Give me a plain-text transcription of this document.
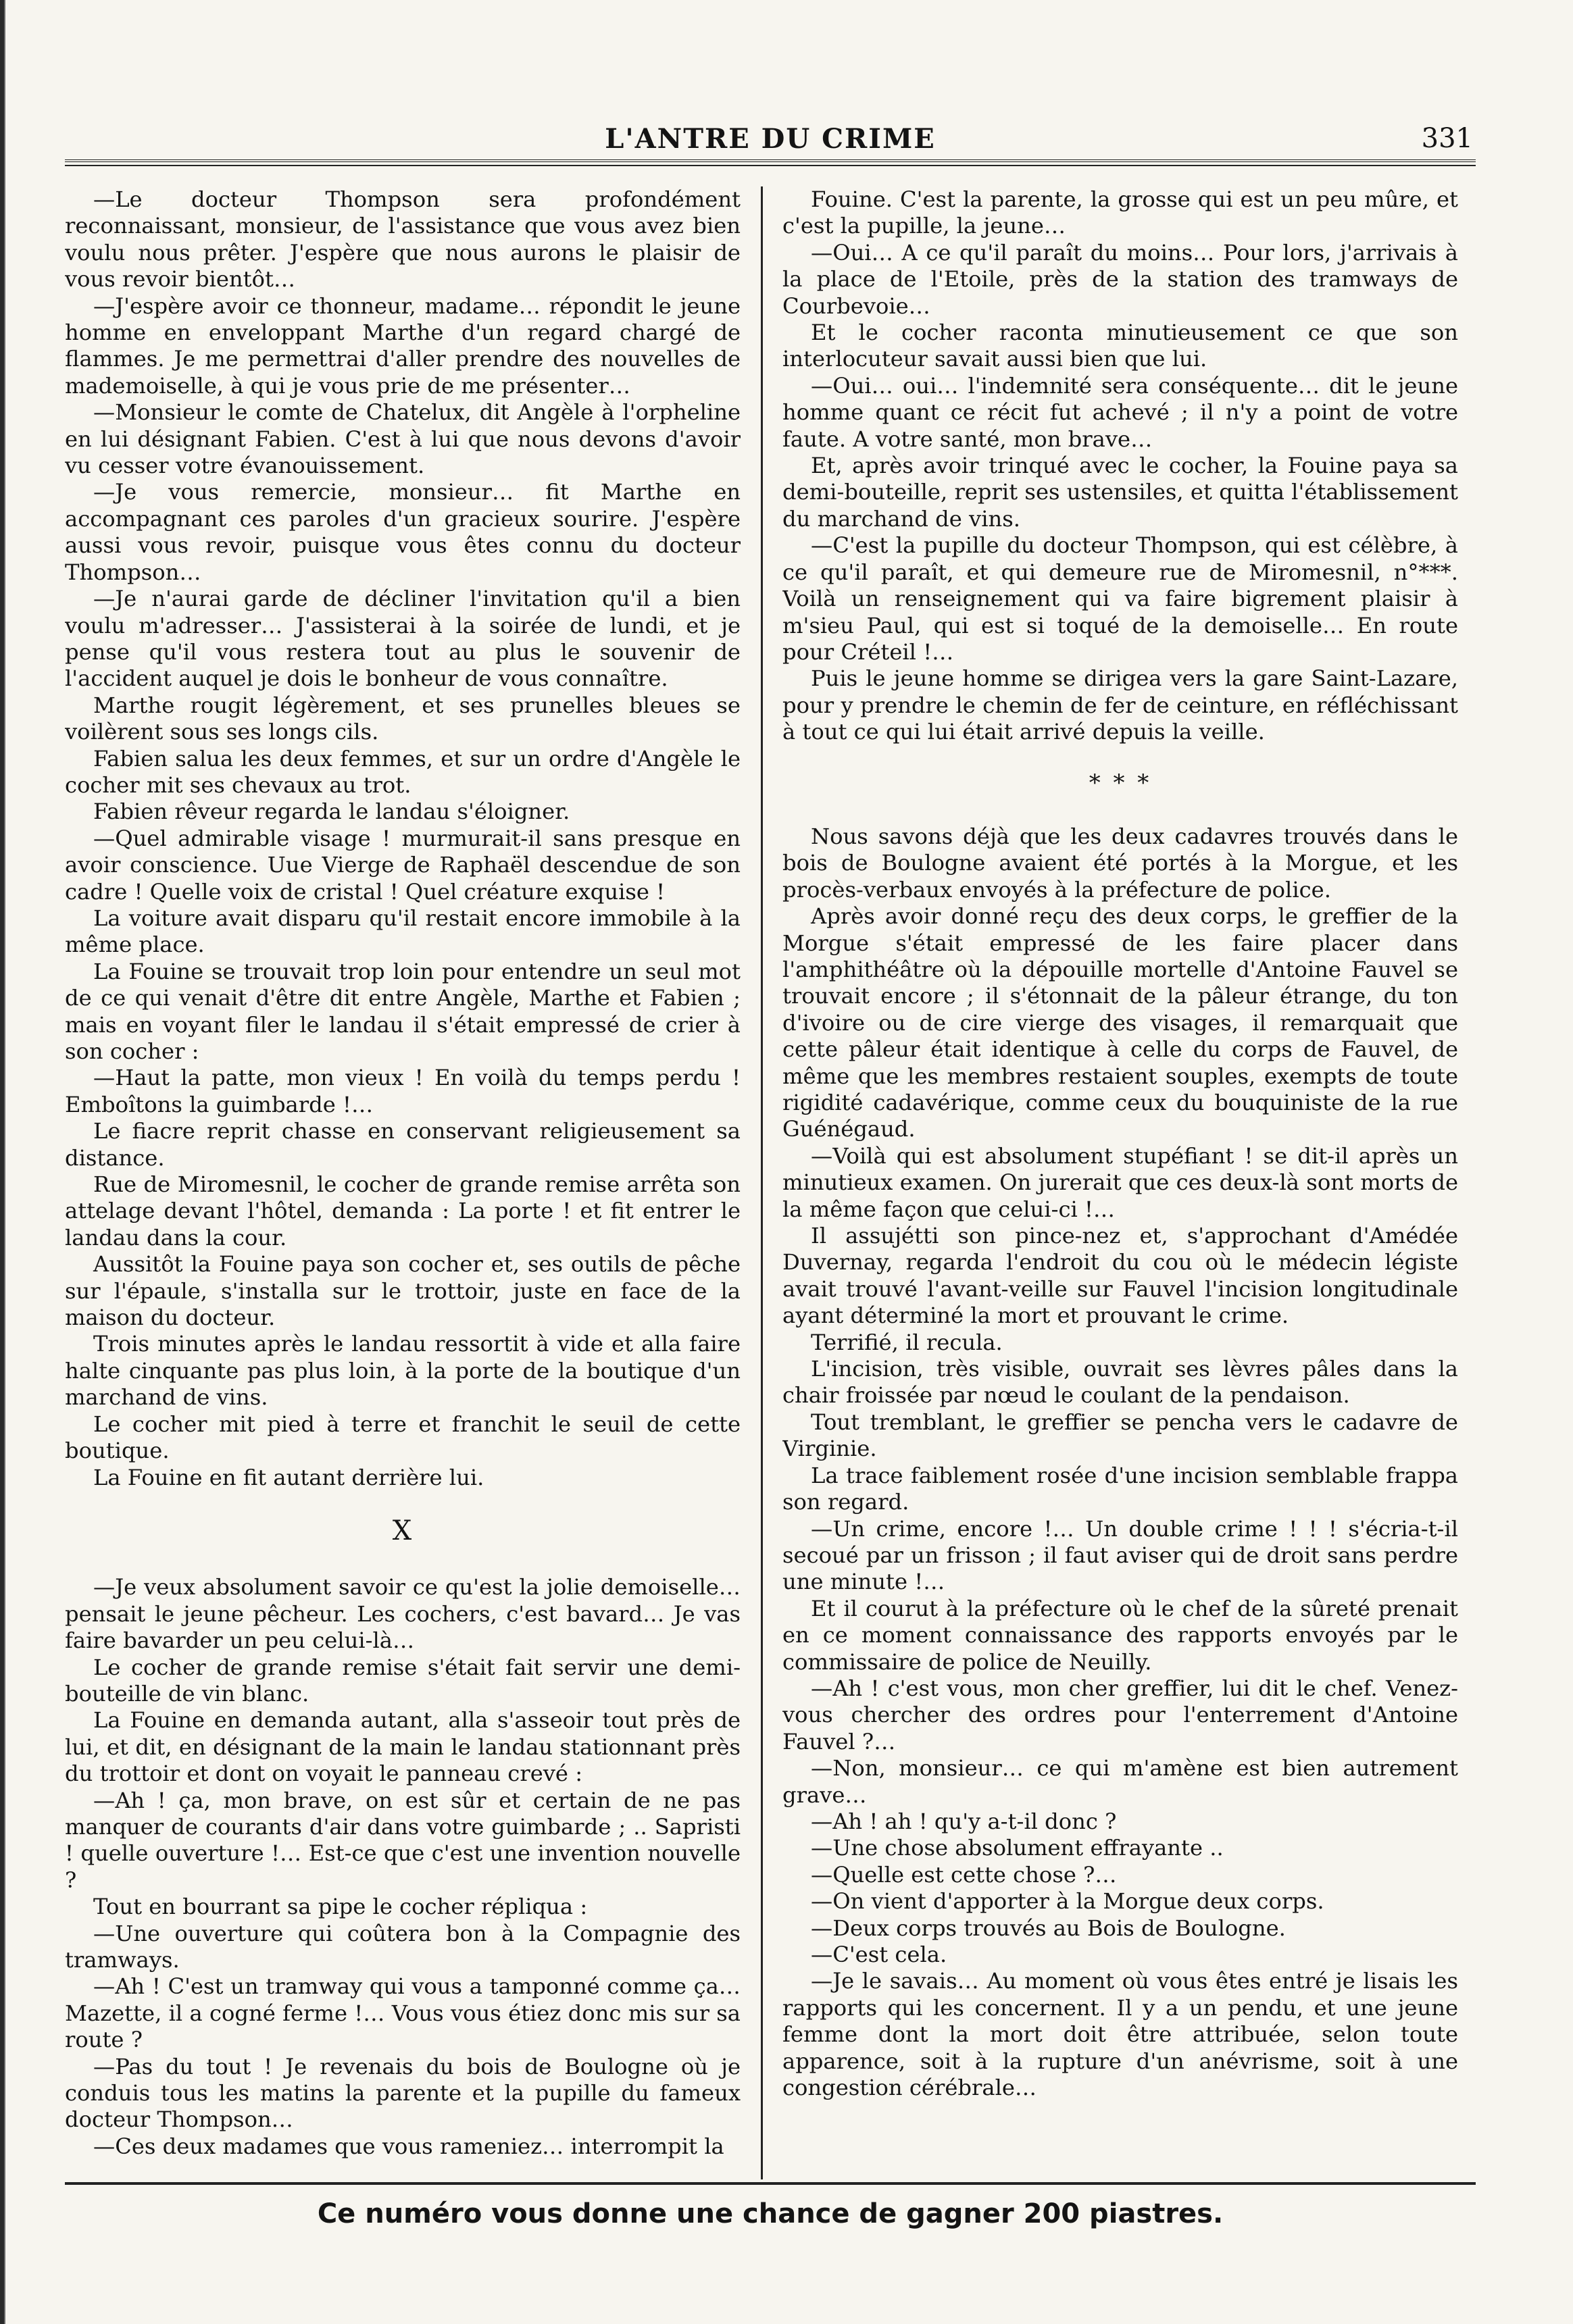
L'ANTRE DU CRIME	331

—Le docteur Thompson sera profondément reconnaissant, monsieur, de l'assistance que vous avez bien voulu nous prêter. J'espère que nous aurons le plaisir de vous revoir bientôt…

—J'espère avoir ce thonneur, madame… répondit le jeune homme en enveloppant Marthe d'un regard chargé de flammes. Je me permettrai d'aller prendre des nouvelles de mademoiselle, à qui je vous prie de me présenter…

—Monsieur le comte de Chatelux, dit Angèle à l'orpheline en lui désignant Fabien. C'est à lui que nous devons d'avoir vu cesser votre évanouissement.

—Je vous remercie, monsieur… fit Marthe en accompagnant ces paroles d'un gracieux sourire. J'espère aussi vous revoir, puisque vous êtes connu du docteur Thompson…

—Je n'aurai garde de décliner l'invitation qu'il a bien voulu m'adresser… J'assisterai à la soirée de lundi, et je pense qu'il vous restera tout au plus le souvenir de l'accident auquel je dois le bonheur de vous connaître.

Marthe rougit légèrement, et ses prunelles bleues se voilèrent sous ses longs cils.

Fabien salua les deux femmes, et sur un ordre d'Angèle le cocher mit ses chevaux au trot.

Fabien rêveur regarda le landau s'éloigner.

—Quel admirable visage ! murmurait-il sans presque en avoir conscience. Uue Vierge de Raphaël descendue de son cadre ! Quelle voix de cristal ! Quel créature exquise !

La voiture avait disparu qu'il restait encore immobile à la même place.

La Fouine se trouvait trop loin pour entendre un seul mot de ce qui venait d'être dit entre Angèle, Marthe et Fabien ; mais en voyant filer le landau il s'était empressé de crier à son cocher :

—Haut la patte, mon vieux ! En voilà du temps perdu ! Emboîtons la guimbarde !…

Le fiacre reprit chasse en conservant religieusement sa distance.

Rue de Miromesnil, le cocher de grande remise arrêta son attelage devant l'hôtel, demanda : La porte ! et fit entrer le landau dans la cour.

Aussitôt la Fouine paya son cocher et, ses outils de pêche sur l'épaule, s'installa sur le trottoir, juste en face de la maison du docteur.

Trois minutes après le landau ressortit à vide et alla faire halte cinquante pas plus loin, à la porte de la boutique d'un marchand de vins.

Le cocher mit pied à terre et franchit le seuil de cette boutique.

La Fouine en fit autant derrière lui.

X

—Je veux absolument savoir ce qu'est la jolie demoiselle… pensait le jeune pêcheur. Les cochers, c'est bavard… Je vas faire bavarder un peu celui-là…

Le cocher de grande remise s'était fait servir une demi-bouteille de vin blanc.

La Fouine en demanda autant, alla s'asseoir tout près de lui, et dit, en désignant de la main le landau stationnant près du trottoir et dont on voyait le panneau crevé :

—Ah ! ça, mon brave, on est sûr et certain de ne pas manquer de courants d'air dans votre guimbarde ; .. Sapristi ! quelle ouverture !… Est-ce que c'est une invention nouvelle ?

Tout en bourrant sa pipe le cocher répliqua :

—Une ouverture qui coûtera bon à la Compagnie des tramways.

—Ah ! C'est un tramway qui vous a tamponné comme ça… Mazette, il a cogné ferme !… Vous vous étiez donc mis sur sa route ?

—Pas du tout ! Je revenais du bois de Boulogne où je conduis tous les matins la parente et la pupille du fameux docteur Thompson…

—Ces deux madames que vous rameniez… interrompit la

Fouine. C'est la parente, la grosse qui est un peu mûre, et c'est la pupille, la jeune…

—Oui… A ce qu'il paraît du moins… Pour lors, j'arrivais à la place de l'Etoile, près de la station des tramways de Courbevoie…

Et le cocher raconta minutieusement ce que son interlocuteur savait aussi bien que lui.

—Oui… oui… l'indemnité sera conséquente… dit le jeune homme quant ce récit fut achevé ; il n'y a point de votre faute. A votre santé, mon brave…

Et, après avoir trinqué avec le cocher, la Fouine paya sa demi-bouteille, reprit ses ustensiles, et quitta l'établissement du marchand de vins.

—C'est la pupille du docteur Thompson, qui est célèbre, à ce qu'il paraît, et qui demeure rue de Miromesnil, n°***. Voilà un renseignement qui va faire bigrement plaisir à m'sieu Paul, qui est si toqué de la demoiselle… En route pour Créteil !…

Puis le jeune homme se dirigea vers la gare Saint-Lazare, pour y prendre le chemin de fer de ceinture, en réfléchissant à tout ce qui lui était arrivé depuis la veille.

* * *

Nous savons déjà que les deux cadavres trouvés dans le bois de Boulogne avaient été portés à la Morgue, et les procès-verbaux envoyés à la préfecture de police.

Après avoir donné reçu des deux corps, le greffier de la Morgue s'était empressé de les faire placer dans l'amphithéâtre où la dépouille mortelle d'Antoine Fauvel se trouvait encore ; il s'étonnait de la pâleur étrange, du ton d'ivoire ou de cire vierge des visages, il remarquait que cette pâleur était identique à celle du corps de Fauvel, de même que les membres restaient souples, exempts de toute rigidité cadavérique, comme ceux du bouquiniste de la rue Guénégaud.

—Voilà qui est absolument stupéfiant ! se dit-il après un minutieux examen. On jurerait que ces deux-là sont morts de la même façon que celui-ci !…

Il assujétti son pince-nez et, s'approchant d'Amédée Duvernay, regarda l'endroit du cou où le médecin légiste avait trouvé l'avant-veille sur Fauvel l'incision longitudinale ayant déterminé la mort et prouvant le crime.

Terrifié, il recula.

L'incision, très visible, ouvrait ses lèvres pâles dans la chair froissée par nœud le coulant de la pendaison.

Tout tremblant, le greffier se pencha vers le cadavre de Virginie.

La trace faiblement rosée d'une incision semblable frappa son regard.

—Un crime, encore !… Un double crime ! ! ! s'écria-t-il secoué par un frisson ; il faut aviser qui de droit sans perdre une minute !…

Et il courut à la préfecture où le chef de la sûreté prenait en ce moment connaissance des rapports envoyés par le commissaire de police de Neuilly.

—Ah ! c'est vous, mon cher greffier, lui dit le chef. Venez-vous chercher des ordres pour l'enterrement d'Antoine Fauvel ?…

—Non, monsieur… ce qui m'amène est bien autrement grave…

—Ah ! ah ! qu'y a-t-il donc ?

—Une chose absolument effrayante ..

—Quelle est cette chose ?…

—On vient d'apporter à la Morgue deux corps.

—Deux corps trouvés au Bois de Boulogne.

—C'est cela.

—Je le savais… Au moment où vous êtes entré je lisais les rapports qui les concernent. Il y a un pendu, et une jeune femme dont la mort doit être attribuée, selon toute apparence, soit à la rupture d'un anévrisme, soit à une congestion cérébrale…

Ce numéro vous donne une chance de gagner 200 piastres.
